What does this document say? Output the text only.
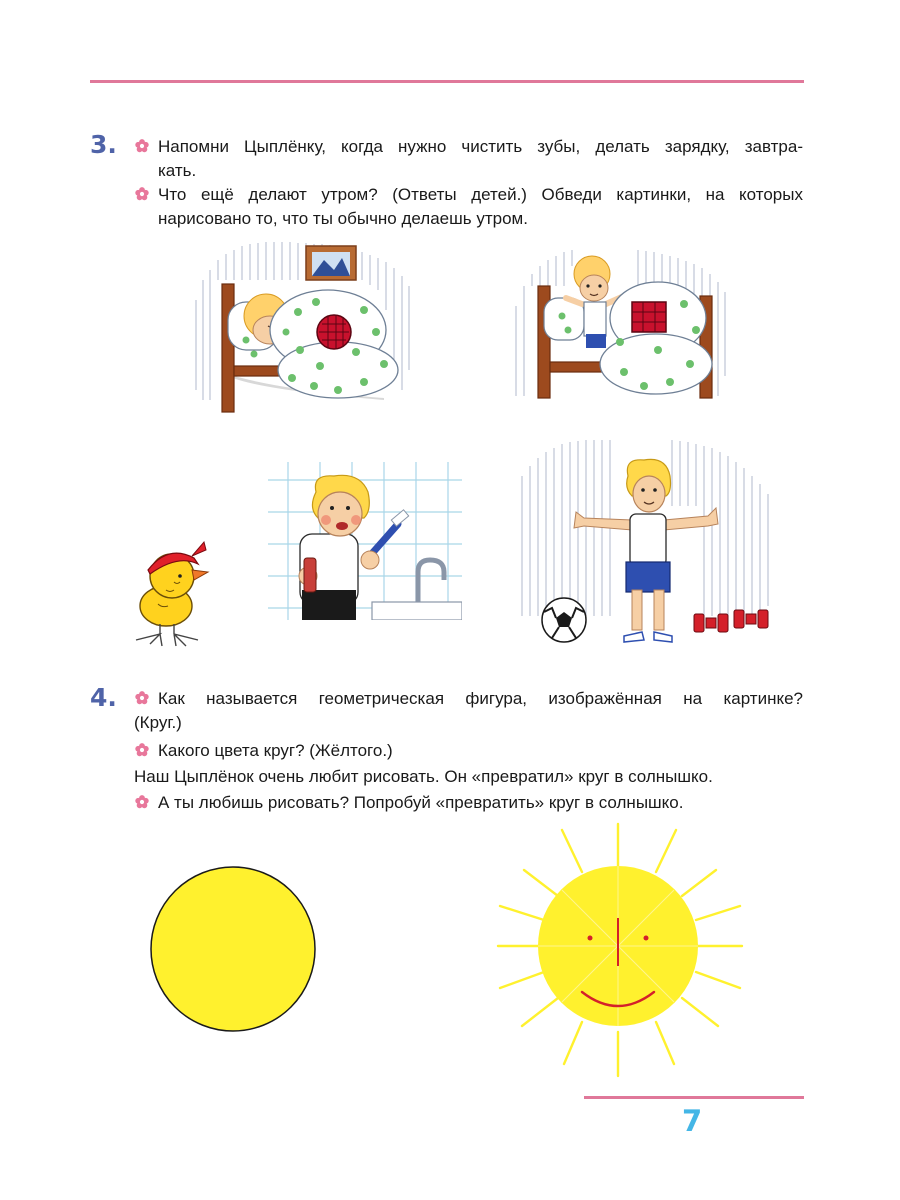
3. Напомни Цыплёнку, когда нужно чистить зубы, делать зарядку, завтра-
кать.
Что ещё делают утром? (Ответы детей.) Обведи картинки, на которых
нарисовано то, что ты обычно делаешь утром.
4. Как называется геометрическая фигура, изображённая на картинке?
(Круг.)
Какого цвета круг? (Жёлтого.)
Наш Цыплёнок очень любит рисовать. Он «превратил» круг в солнышко.
А ты любишь рисовать? Попробуй «превратить» круг в солнышко.
7
